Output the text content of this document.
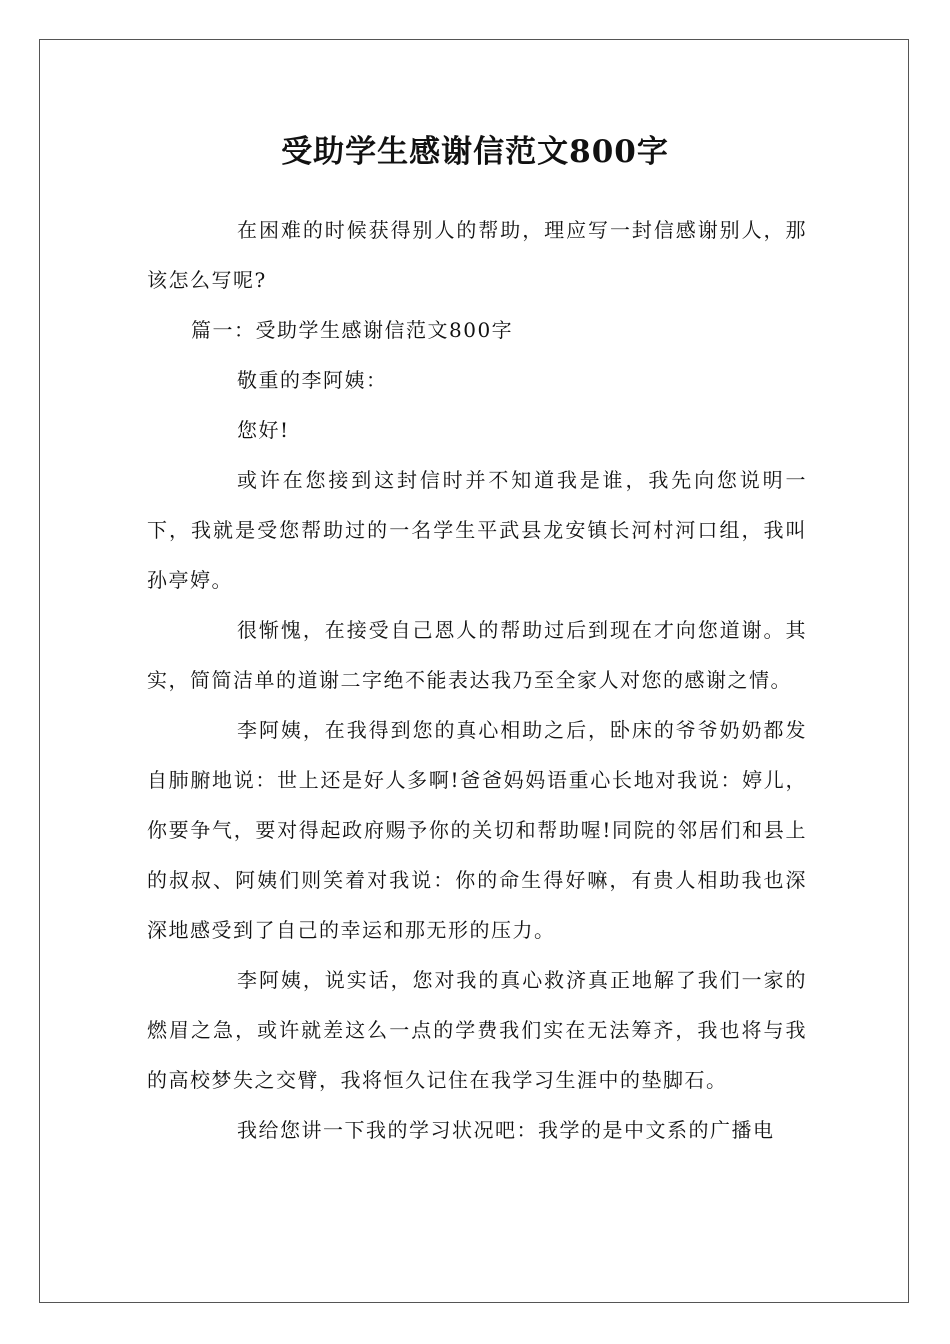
受助学生感谢信范文800字

在困难的时候获得别人的帮助，理应写一封信感谢别人，那该怎么写呢?

篇一：受助学生感谢信范文800字

敬重的李阿姨：

您好!

或许在您接到这封信时并不知道我是谁，我先向您说明一下，我就是受您帮助过的一名学生平武县龙安镇长河村河口组，我叫孙亭婷。

很惭愧，在接受自己恩人的帮助过后到现在才向您道谢。其实，简简洁单的道谢二字绝不能表达我乃至全家人对您的感谢之情。

李阿姨，在我得到您的真心相助之后，卧床的爷爷奶奶都发自肺腑地说：世上还是好人多啊!爸爸妈妈语重心长地对我说：婷儿，你要争气，要对得起政府赐予你的关切和帮助喔!同院的邻居们和县上的叔叔、阿姨们则笑着对我说：你的命生得好嘛，有贵人相助我也深深地感受到了自己的幸运和那无形的压力。

李阿姨，说实话，您对我的真心救济真正地解了我们一家的燃眉之急，或许就差这么一点的学费我们实在无法筹齐，我也将与我的高校梦失之交臂，我将恒久记住在我学习生涯中的垫脚石。

我给您讲一下我的学习状况吧：我学的是中文系的广播电
